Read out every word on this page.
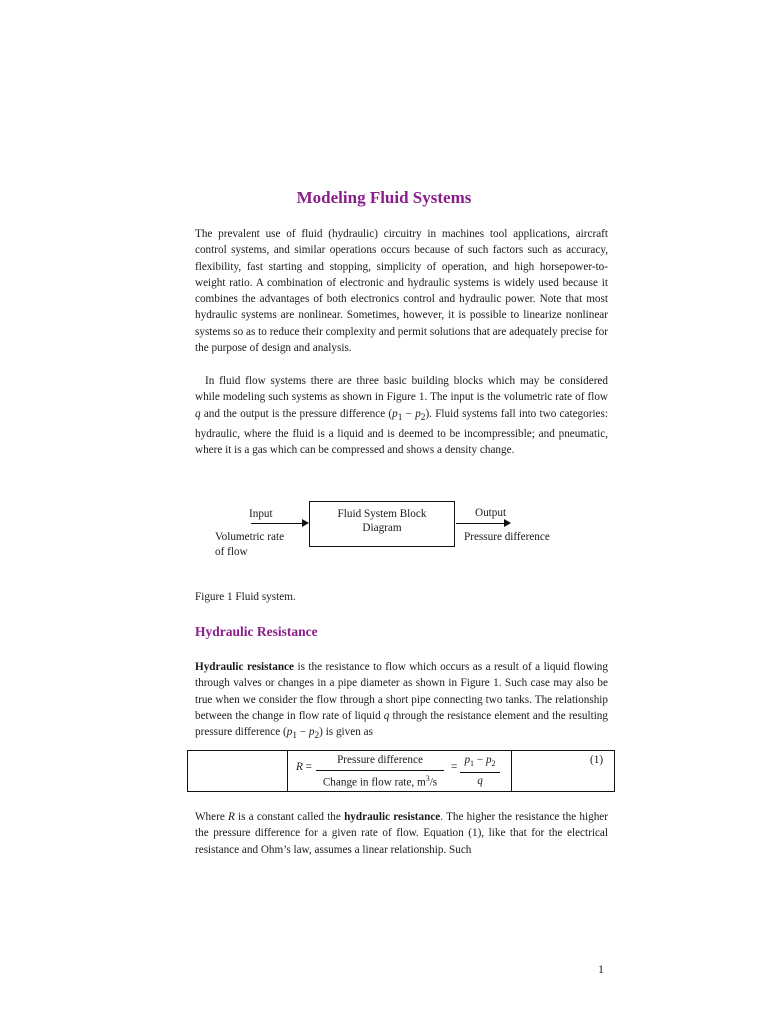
Modeling Fluid Systems

The prevalent use of fluid (hydraulic) circuitry in machines tool applications, aircraft control systems, and similar operations occurs because of such factors such as accuracy, flexibility, fast starting and stopping, simplicity of operation, and high horsepower-to-weight ratio. A combination of electronic and hydraulic systems is widely used because it combines the advantages of both electronics control and hydraulic power. Note that most hydraulic systems are nonlinear. Sometimes, however, it is possible to linearize nonlinear systems so as to reduce their complexity and permit solutions that are adequately precise for the purpose of design and analysis.

In fluid flow systems there are three basic building blocks which may be considered while modeling such systems as shown in Figure 1. The input is the volumetric rate of flow q and the output is the pressure difference $(p_1 - p_2)$. Fluid systems fall into two categories: hydraulic, where the fluid is a liquid and is deemed to be incompressible; and pneumatic, where it is a gas which can be compressed and shows a density change.

Input
Volumetric rate
of flow
Fluid System Block
Diagram
Output
Pressure difference
Figure 1 Fluid system.
Hydraulic Resistance

Hydraulic resistance is the resistance to flow which occurs as a result of a liquid flowing through valves or changes in a pipe diameter as shown in Figure 1. Such case may also be true when we consider the flow through a short pipe connecting two tanks. The relationship between the change in flow rate of liquid q through the resistance element and the resulting pressure difference $(p_1 - p_2)$ is given as

R =
Pressure difference
Change in flow rate, $m^3/s$
=
$p_1 - p_2$
q
(1)

Where R is a constant called the hydraulic resistance. The higher the resistance the higher the pressure difference for a given rate of flow. Equation (1), like that for the electrical resistance and Ohm’s law, assumes a linear relationship. Such

1
